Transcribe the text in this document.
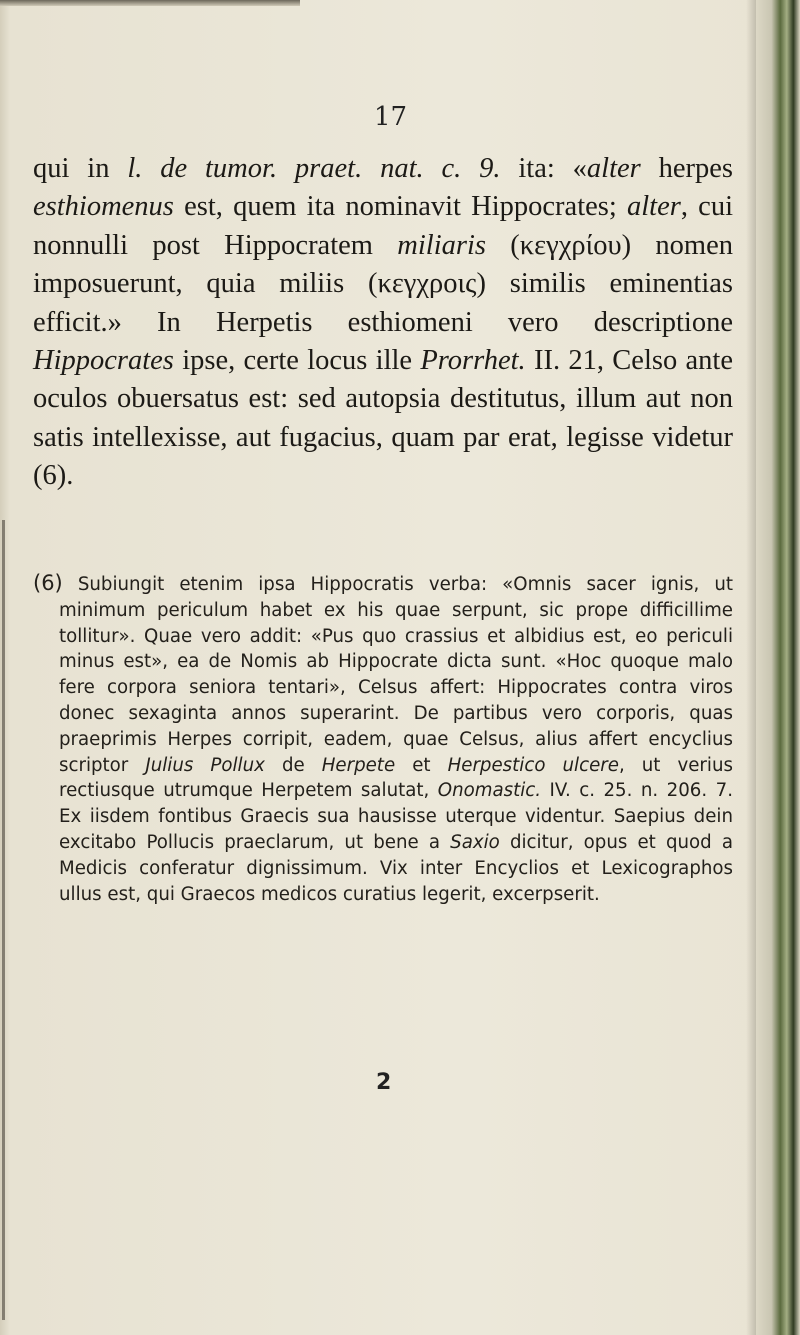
17

qui in l. de tumor. praet. nat. c. 9. ita: «alter herpes esthiomenus est, quem ita nominavit Hippocrates; alter, cui nonnulli post Hippocratem miliaris (κεγχρίου) nomen imposuerunt, quia miliis (κεγχροις) similis eminentias efficit.» In Herpetis esthiomeni vero descriptione Hippocrates ipse, certe locus ille Prorrhet. II. 21, Celso ante oculos obuersatus est: sed autopsia destitutus, illum aut non satis intellexisse, aut fugacius, quam par erat, legisse videtur (6).

(6) Subiungit etenim ipsa Hippocratis verba: «Omnis sacer ignis, ut minimum periculum habet ex his quae serpunt, sic prope difficillime tollitur». Quae vero addit: «Pus quo crassius et albidius est, eo periculi minus est», ea de Nomis ab Hippocrate dicta sunt. «Hoc quoque malo fere corpora seniora tentari», Celsus affert: Hippocrates contra viros donec sexaginta annos superarint. De partibus vero corporis, quas praeprimis Herpes corripit, eadem, quae Celsus, alius affert encyclius scriptor Julius Pollux de Herpete et Herpestico ulcere, ut verius rectiusque utrumque Herpetem salutat, Onomastic. IV. c. 25. n. 206. 7. Ex iisdem fontibus Graecis sua hausisse uterque videntur. Saepius dein excitabo Pollucis praeclarum, ut bene a Saxio dicitur, opus et quod a Medicis conferatur dignissimum. Vix inter Encyclios et Lexicographos ullus est, qui Graecos medicos curatius legerit, excerpserit.

2
